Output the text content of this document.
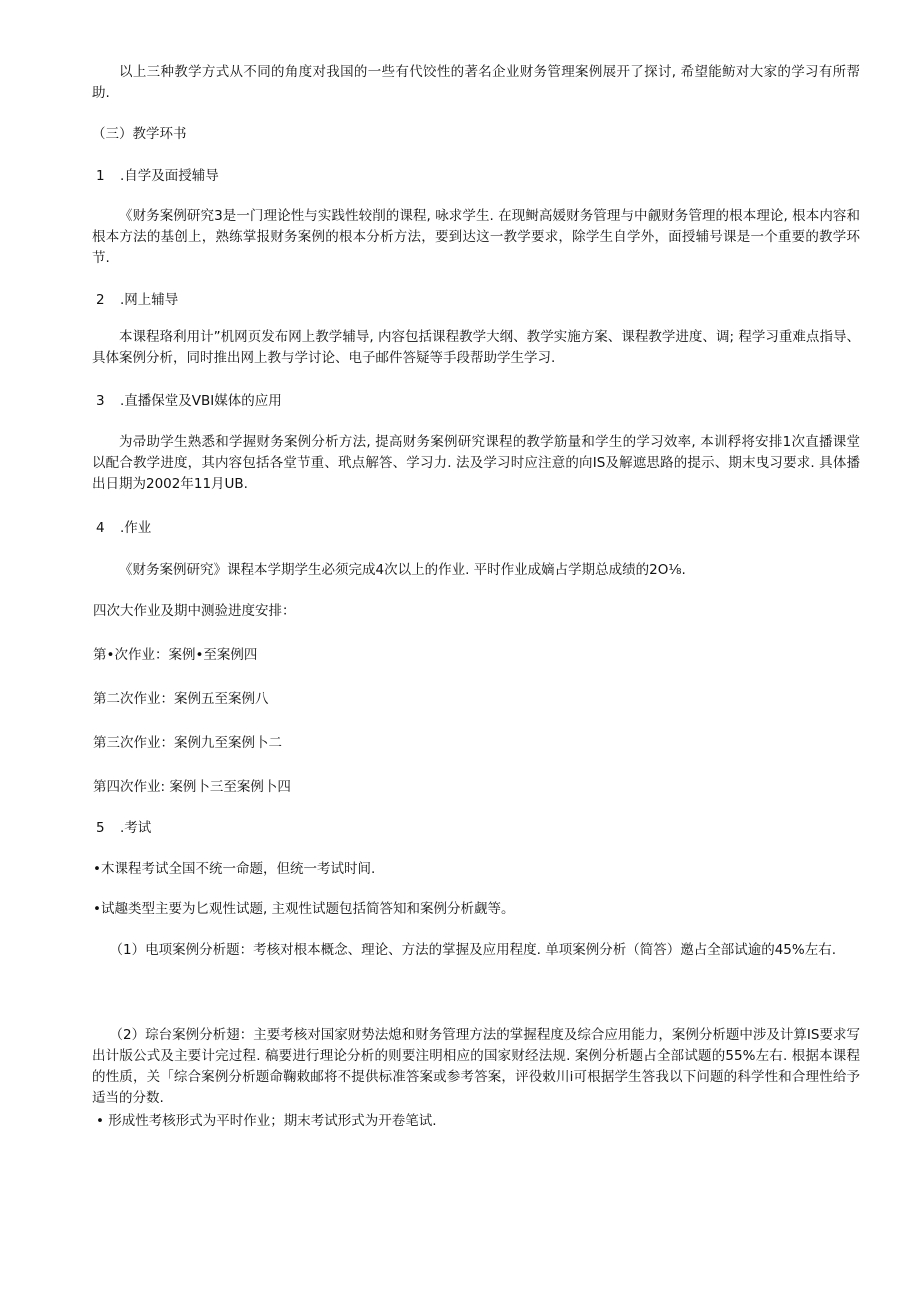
以上三种教学方式从不同的角度对我国的一些有代饺性的著名企业财务管理案例展开了探讨, 希望能鲂对大家的学习有所帮助.

（三）教学环书

1 .自学及面授辅导

《财务案例研究3是一门理论性与实践性较削的课程, 咏求学生. 在现鲥高媛财务管理与中觎财务管理的根本理论, 根本内容和根本方法的基创上，熟练掌报财务案例的根本分析方法，要到达这一教学要求，除学生自学外，面授辅号课是一个重要的教学环节.

2 .网上辅导

本课程珞利用计”机网页发布网上教学辅导, 内容包括课程教学大纲、教学实施方案、课程教学进度、调; 程学习重难点指导、具体案例分析，同时推出网上教与学讨论、电子邮件答疑等手段帮助学生学习.

3 .直播保堂及VBI媒体的应用

为帚助学生熟悉和学握财务案例分析方法, 提高财务案例研究课程的教学筋量和学生的学习效率, 本训稃将安排1次直播课堂以配合教学进度，其内容包括各堂节重、玳点解答、学习力. 法及学习时应注意的向IS及解遮思路的提示、期末曳习要求. 具体播出日期为2002年11月UB.

4 .作业

《财务案例研究》课程本学期学生必须完成4次以上的作业. 平时作业成嫡占学期总成绩的2O⅛.

四次大作业及期中测验进度安排：

第•次作业：案例•至案例四

第二次作业：案例五至案例八

第三次作业：案例九至案例卜二

第四次作业: 案例卜三至案例卜四

5 .考试

•木课程考试全国不统一命题，但统一考试时间.

•试趣类型主要为匕观性试题, 主观性试题包括简答知和案例分析觑等。

（1）电项案例分析题：考核对根本概念、理论、方法的掌握及应用程度. 单项案例分析（简答）邀占全部试逾的45%左右.

（2）琮台案例分析翅：主要考核对国家财势法熄和财务管理方法的掌握程度及综合应用能力，案例分析题中涉及计算IS要求写出计版公式及主要计完过程. 稿要进行理论分析的则要注明相应的国家财经法规. 案例分析题占全部试题的55%左右. 根据本课程的性质，关「综合案例分析题命鞠敕邮将不提供标准答案或参考答案，评役敕川i可根据学生答我以下问题的科学性和合理性给予适当的分数.

• 形成性考核形式为平时作业；期末考试形式为开卷笔试.
